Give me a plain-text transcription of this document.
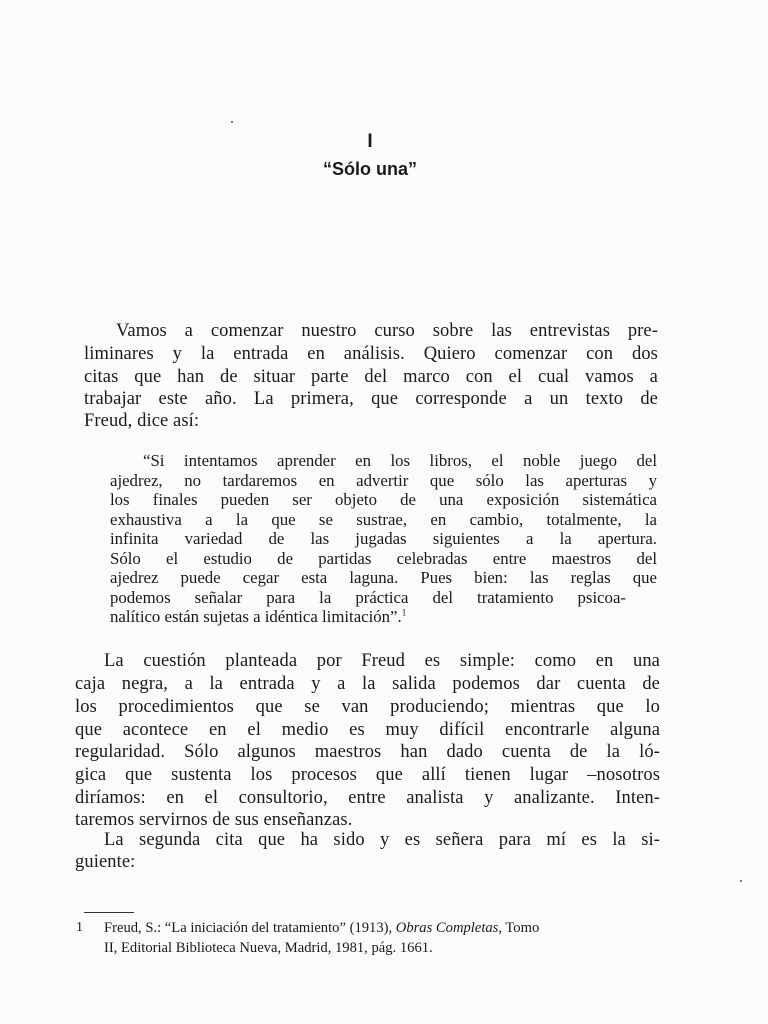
I
“Sólo una”
Vamos a comenzar nuestro curso sobre las entrevistas pre-
liminares y la entrada en análisis. Quiero comenzar con dos
citas que han de situar parte del marco con el cual vamos a
trabajar este año. La primera, que corresponde a un texto de
Freud, dice así:
“Si intentamos aprender en los libros, el noble juego del
ajedrez, no tardaremos en advertir que sólo las aperturas y
los finales pueden ser objeto de una exposición sistemática
exhaustiva a la que se sustrae, en cambio, totalmente, la
infinita variedad de las jugadas siguientes a la apertura.
Sólo el estudio de partidas celebradas entre maestros del
ajedrez puede cegar esta laguna. Pues bien: las reglas que
podemos señalar para la práctica del tratamiento psicoa-
nalítico están sujetas a idéntica limitación”.$^1$
La cuestión planteada por Freud es simple: como en una
caja negra, a la entrada y a la salida podemos dar cuenta de
los procedimientos que se van produciendo; mientras que lo
que acontece en el medio es muy difícil encontrarle alguna
regularidad. Sólo algunos maestros han dado cuenta de la ló-
gica que sustenta los procesos que allí tienen lugar –nosotros
diríamos: en el consultorio, entre analista y analizante. Inten-
taremos servirnos de sus enseñanzas.
La segunda cita que ha sido y es señera para mí es la si-
guiente:
1 Freud, S.: “La iniciación del tratamiento” (1913), Obras Completas, Tomo
II, Editorial Biblioteca Nueva, Madrid, 1981, pág. 1661.
